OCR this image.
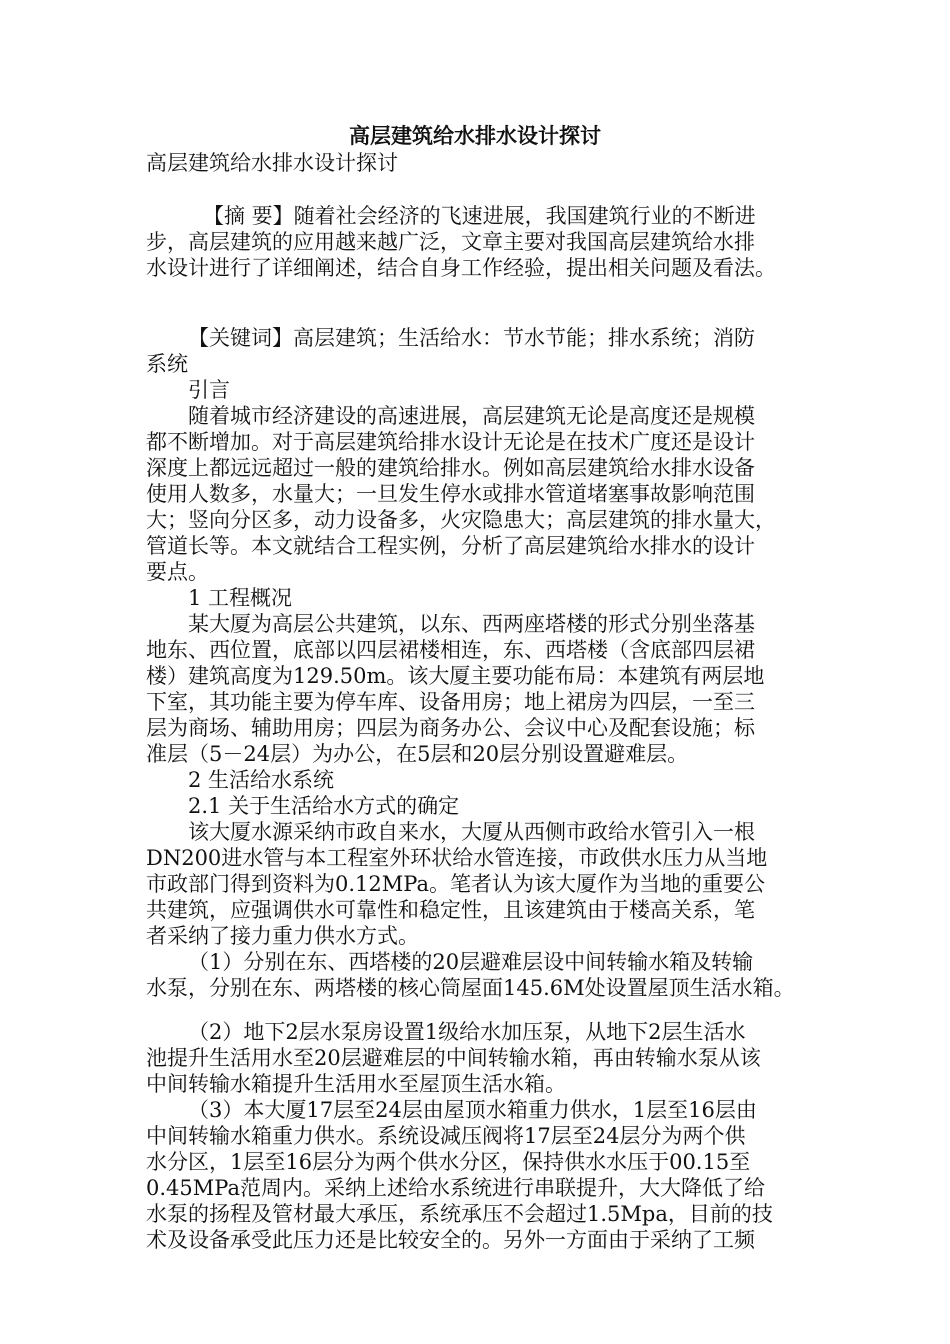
高层建筑给水排水设计探讨
高层建筑给水排水设计探讨
【摘 要】随着社会经济的飞速进展，我国建筑行业的不断进
步，高层建筑的应用越来越广泛，文章主要对我国高层建筑给水排
水设计进行了详细阐述，结合自身工作经验，提出相关问题及看法。
【关键词】高层建筑；生活给水：节水节能；排水系统；消防
系统
引言
随着城市经济建设的高速进展，高层建筑无论是高度还是规模
都不断增加。对于高层建筑给排水设计无论是在技术广度还是设计
深度上都远远超过一般的建筑给排水。例如高层建筑给水排水设备
使用人数多，水量大；一旦发生停水或排水管道堵塞事故影响范围
大；竖向分区多，动力设备多，火灾隐患大；高层建筑的排水量大，
管道长等。本文就结合工程实例，分析了高层建筑给水排水的设计
要点。
1 工程概况
某大厦为高层公共建筑，以东、西两座塔楼的形式分别坐落基
地东、西位置，底部以四层裙楼相连，东、西塔楼（含底部四层裙
楼）建筑高度为129.50m。该大厦主要功能布局：本建筑有两层地
下室，其功能主要为停车库、设备用房；地上裙房为四层，一至三
层为商场、辅助用房；四层为商务办公、会议中心及配套设施；标
准层（5－24层）为办公，在5层和20层分别设置避难层。
2 生活给水系统
2.1 关于生活给水方式的确定
该大厦水源采纳市政自来水，大厦从西侧市政给水管引入一根
DN200进水管与本工程室外环状给水管连接，市政供水压力从当地
市政部门得到资料为0.12MPa。笔者认为该大厦作为当地的重要公
共建筑，应强调供水可靠性和稳定性，且该建筑由于楼高关系，笔
者采纳了接力重力供水方式。
（1）分别在东、西塔楼的20层避难层设中间转输水箱及转输
水泵，分别在东、两塔楼的核心筒屋面145.6M处设置屋顶生活水箱。
（2）地下2层水泵房设置1级给水加压泵，从地下2层生活水
池提升生活用水至20层避难层的中间转输水箱，再由转输水泵从该
中间转输水箱提升生活用水至屋顶生活水箱。
（3）本大厦17层至24层由屋顶水箱重力供水，1层至16层由
中间转输水箱重力供水。系统设减压阀将17层至24层分为两个供
水分区，1层至16层分为两个供水分区，保持供水水压于00.15至
0.45MPa范周内。采纳上述给水系统进行串联提升，大大降低了给
水泵的扬程及管材最大承压，系统承压不会超过1.5Mpa，目前的技
术及设备承受此压力还是比较安全的。另外一方面由于采纳了工频
